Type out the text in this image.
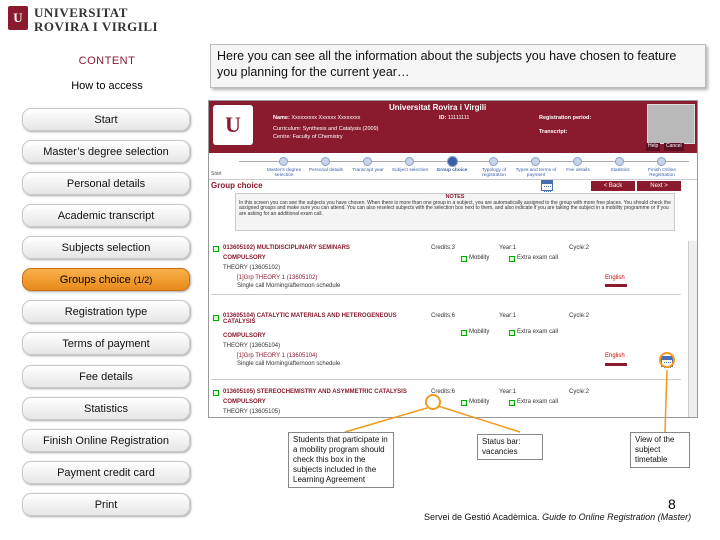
U UNIVERSITAT
ROVIRA I VIRGILI
CONTENT
How to access
Start
Master’s degree selection
Personal details
Academic transcript
Subjects selection
Groups choice (1/2)
Registration type
Terms of payment
Fee details
Statistics
Finish Online Registration
Payment credit card
Print
Here you can see all the information about the subjects you have chosen to feature you planning for the current year…
U
Universitat Rovira i Virgili
Name: Xxxxxxxxx Xxxxxx Xxxxxxxx	ID: 11111111	Registration period:
Transcript:
Curriculum: Synthesis and Catalysis (2009)
Centre: Faculty of Chemistry
Help	Cancel
Start
Group choice	< Back	Next >
NOTES
In this screen you can see the subjects you have chosen. When there is more than one group in a subject, you are automatically assigned to the group with more free places. You should check the assigned groups and make sure you can attend. You can also reselect subjects with the selection box next to them, and also indicate if you are taking the subject in a mobility programme or if you are asking for an additional exam call.
013605102) MULTIDISCIPLINARY SEMINARS	Credits:3	Year:1	Cycle:2
COMPULSORY	Mobility	Extra exam call
THEORY (13605102)
[1]Grp THEORY 1 (13605102)
Single call Morning/afternoon schedule
English
013605104) CATALYTIC MATERIALS AND HETEROGENEOUS CATALYSIS
Credits:6	Year:1	Cycle:2
COMPULSORY
Mobility	Extra exam call
THEORY (13605104)
[1]Grp THEORY 1 (13605104)
Single call Morning/afternoon schedule
English
013605105) STEREOCHEMISTRY AND ASYMMETRIC CATALYSIS	Credits:6	Year:1	Cycle:2
COMPULSORY	Mobility	Extra exam call
THEORY (13605105)
Master's degree selection
Personal details	Transcript year	Subject selection	Group choice	Typology of registration
Types and terms of payment
Fee details	Statistics	Finish Online Registration
Students that participate in a mobility program should check this box in the subjects included in the Learning Agreement
Status bar: vacancies
View of the subject timetable
8
Servei de Gestió Acadèmica. Guide to Online Registration (Master)
